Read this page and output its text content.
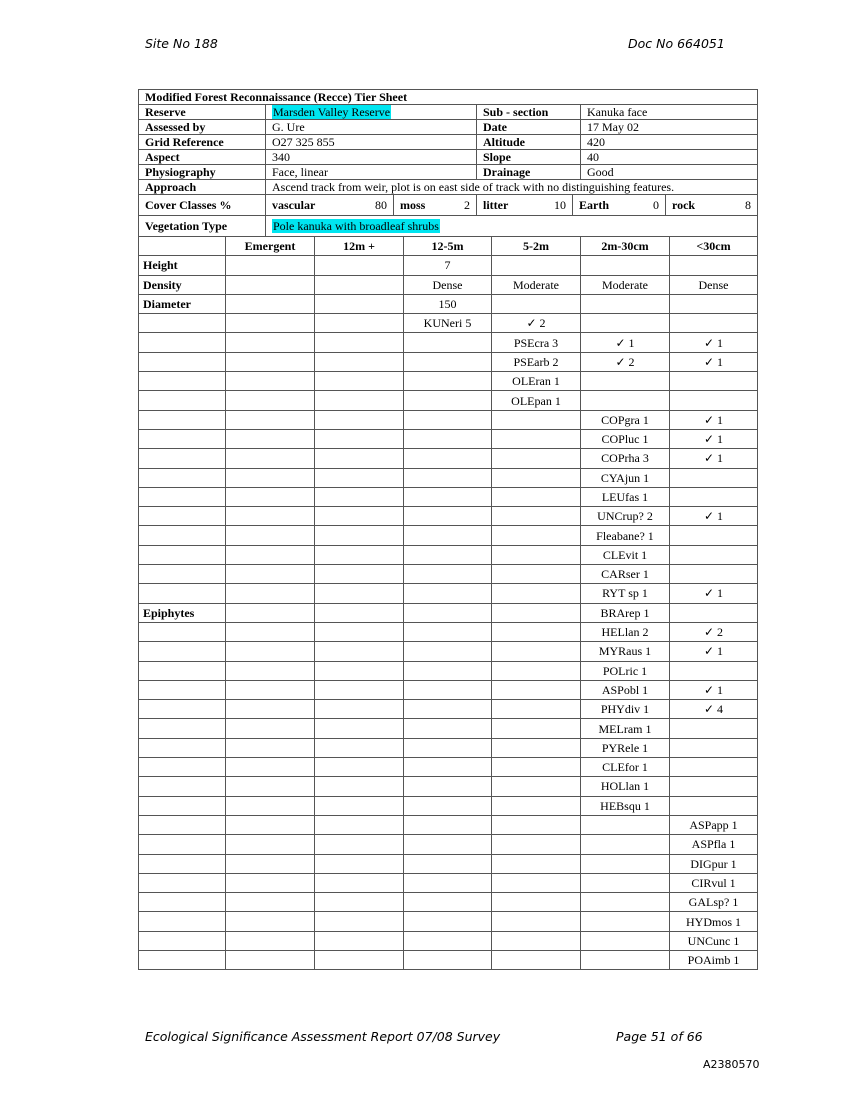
Site No 188	Doc No 664051
Modified Forest Reconnaissance (Recce) Tier Sheet			
Reserve	Marsden Valley Reserve	Sub - section	Kanuka face
Assessed by	G. Ure	Date	17 May 02
Grid Reference	O27 325 855	Altitude	420
Aspect	340	Slope	40
Physiography	Face, linear	Drainage	Good
Approach	Ascend track from weir, plot is on east side of track with no distinguishing features.		
Cover Classes %	vascular	80	moss	2	litter	10	Earth	0	rock	8
Vegetation Type	Pole kanuka with broadleaf shrubs
	Emergent	12m +	12-5m	5-2m	2m-30cm	<30cm
Height			7			
Density			Dense	Moderate	Moderate	Dense
Diameter			150			
			KUNeri 5	✓ 2		
				PSEcra 3	✓ 1	✓ 1
				PSEarb 2	✓ 2	✓ 1
				OLEran 1		
				OLEpan 1		
					COPgra 1	✓ 1
					COPluc 1	✓ 1
					COPrha 3	✓ 1
					CYAjun 1	
					LEUfas 1	
					UNCrup? 2	✓ 1
					Fleabane? 1	
					CLEvit 1	
					CARser 1	
					RYT sp 1	✓ 1
Epiphytes					BRArep 1	
					HELlan 2	✓ 2
					MYRaus 1	✓ 1
					POLric 1	
					ASPobl 1	✓ 1
					PHYdiv 1	✓ 4
					MELram 1	
					PYRele 1	
					CLEfor 1	
					HOLlan 1	
					HEBsqu 1	
						ASPapp 1
						ASPfla 1
						DIGpur 1
						CIRvul 1
						GALsp? 1
						HYDmos 1
						UNCunc 1
						POAimb 1
Ecological Significance Assessment Report 07/08 Survey	Page 51 of 66
A2380570
